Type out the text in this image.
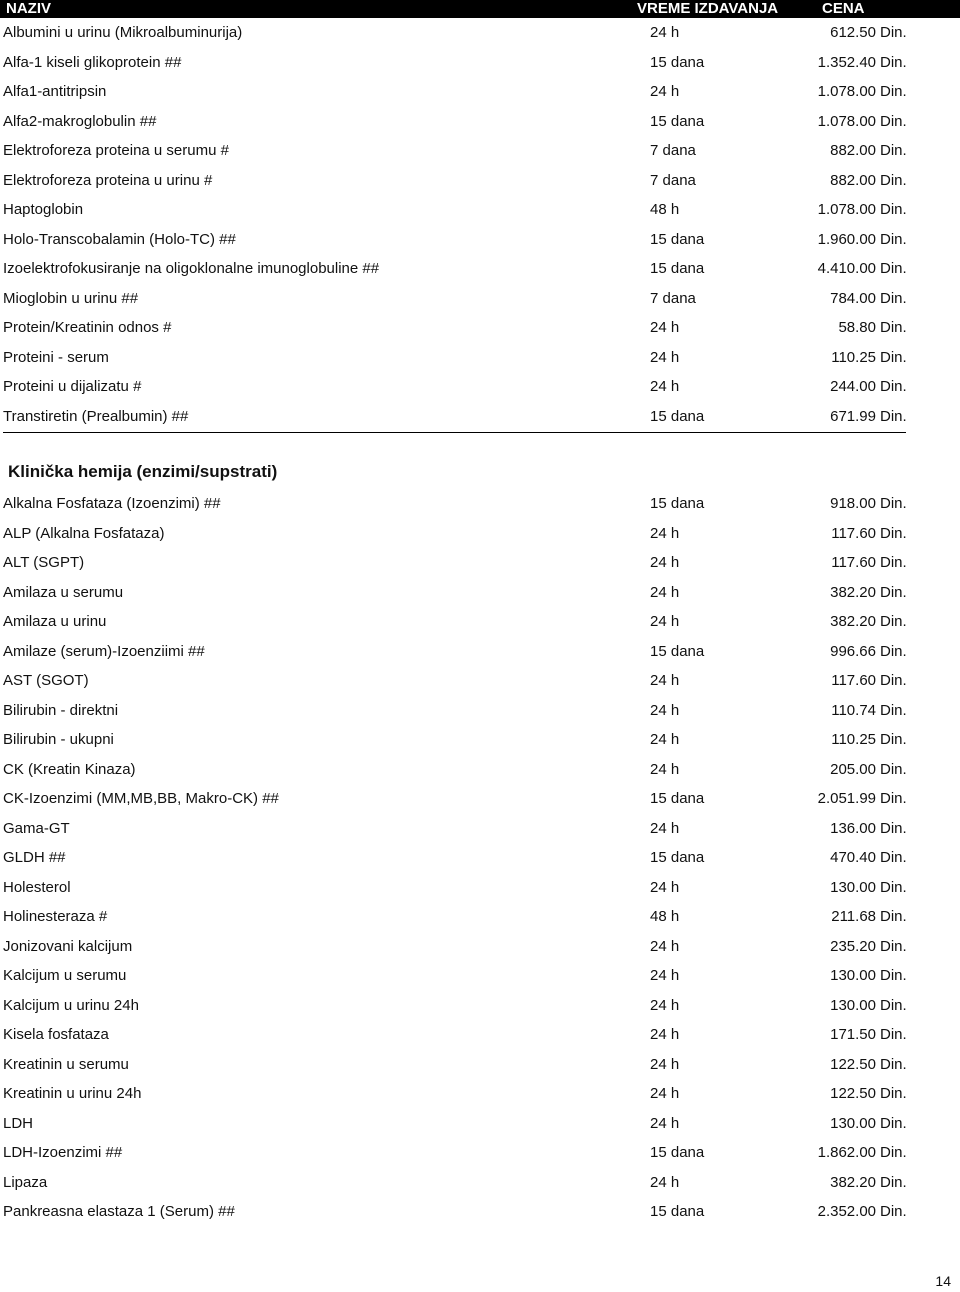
NAZIV	VREME IZDAVANJA	CENA
Albumini u urinu (Mikroalbuminurija)	24 h	612.50 Din.
Alfa-1 kiseli glikoprotein ##	15 dana	1.352.40 Din.
Alfa1-antitripsin	24 h	1.078.00 Din.
Alfa2-makroglobulin ##	15 dana	1.078.00 Din.
Elektroforeza proteina u serumu #	7 dana	882.00 Din.
Elektroforeza proteina u urinu #	7 dana	882.00 Din.
Haptoglobin	48 h	1.078.00 Din.
Holo-Transcobalamin (Holo-TC) ##	15 dana	1.960.00 Din.
Izoelektrofokusiranje na oligoklonalne imunoglobuline ##	15 dana	4.410.00 Din.
Mioglobin u urinu ##	7 dana	784.00 Din.
Protein/Kreatinin odnos #	24 h	58.80 Din.
Proteini - serum	24 h	110.25 Din.
Proteini u dijalizatu #	24 h	244.00 Din.
Transtiretin (Prealbumin) ##	15 dana	671.99 Din.
Klinička hemija (enzimi/supstrati)
Alkalna Fosfataza (Izoenzimi) ##	15 dana	918.00 Din.
ALP (Alkalna Fosfataza)	24 h	117.60 Din.
ALT (SGPT)	24 h	117.60 Din.
Amilaza u serumu	24 h	382.20 Din.
Amilaza u urinu	24 h	382.20 Din.
Amilaze (serum)-Izoenziimi ##	15 dana	996.66 Din.
AST (SGOT)	24 h	117.60 Din.
Bilirubin - direktni	24 h	110.74 Din.
Bilirubin - ukupni	24 h	110.25 Din.
CK (Kreatin Kinaza)	24 h	205.00 Din.
CK-Izoenzimi (MM,MB,BB, Makro-CK) ##	15 dana	2.051.99 Din.
Gama-GT	24 h	136.00 Din.
GLDH ##	15 dana	470.40 Din.
Holesterol	24 h	130.00 Din.
Holinesteraza #	48 h	211.68 Din.
Jonizovani kalcijum	24 h	235.20 Din.
Kalcijum u serumu	24 h	130.00 Din.
Kalcijum u urinu 24h	24 h	130.00 Din.
Kisela fosfataza	24 h	171.50 Din.
Kreatinin u serumu	24 h	122.50 Din.
Kreatinin u urinu 24h	24 h	122.50 Din.
LDH	24 h	130.00 Din.
LDH-Izoenzimi ##	15 dana	1.862.00 Din.
Lipaza	24 h	382.20 Din.
Pankreasna elastaza 1 (Serum) ##	15 dana	2.352.00 Din.
14
